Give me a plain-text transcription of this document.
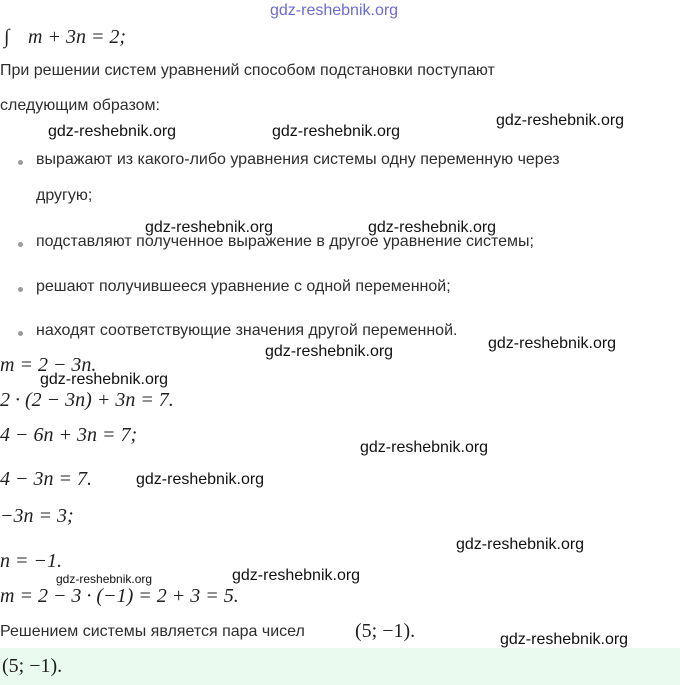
gdz-reshebnik.org
∫ m + 3n = 2;
При решении систем уравнений способом подстановки поступают
следующим образом:
выражают из какого-либо уравнения системы одну переменную через
другую;
подставляют полученное выражение в другое уравнение системы;
решают получившееся уравнение с одной переменной;
находят соответствующие значения другой переменной.
m = 2 − 3n.
2 · (2 − 3n) + 3n = 7.
4 − 6n + 3n = 7;
4 − 3n = 7.
−3n = 3;
n = −1.
m = 2 − 3 · (−1) = 2 + 3 = 5.
Решением системы является пара чисел	(5; −1).
(5; −1).
gdz-reshebnik.org	gdz-reshebnik.org
gdz-reshebnik.org
gdz-reshebnik.org	gdz-reshebnik.org
gdz-reshebnik.org	gdz-reshebnik.org
gdz-reshebnik.org
gdz-reshebnik.org
gdz-reshebnik.org
gdz-reshebnik.org
gdz-reshebnik.org	gdz-reshebnik.org
gdz-reshebnik.org
